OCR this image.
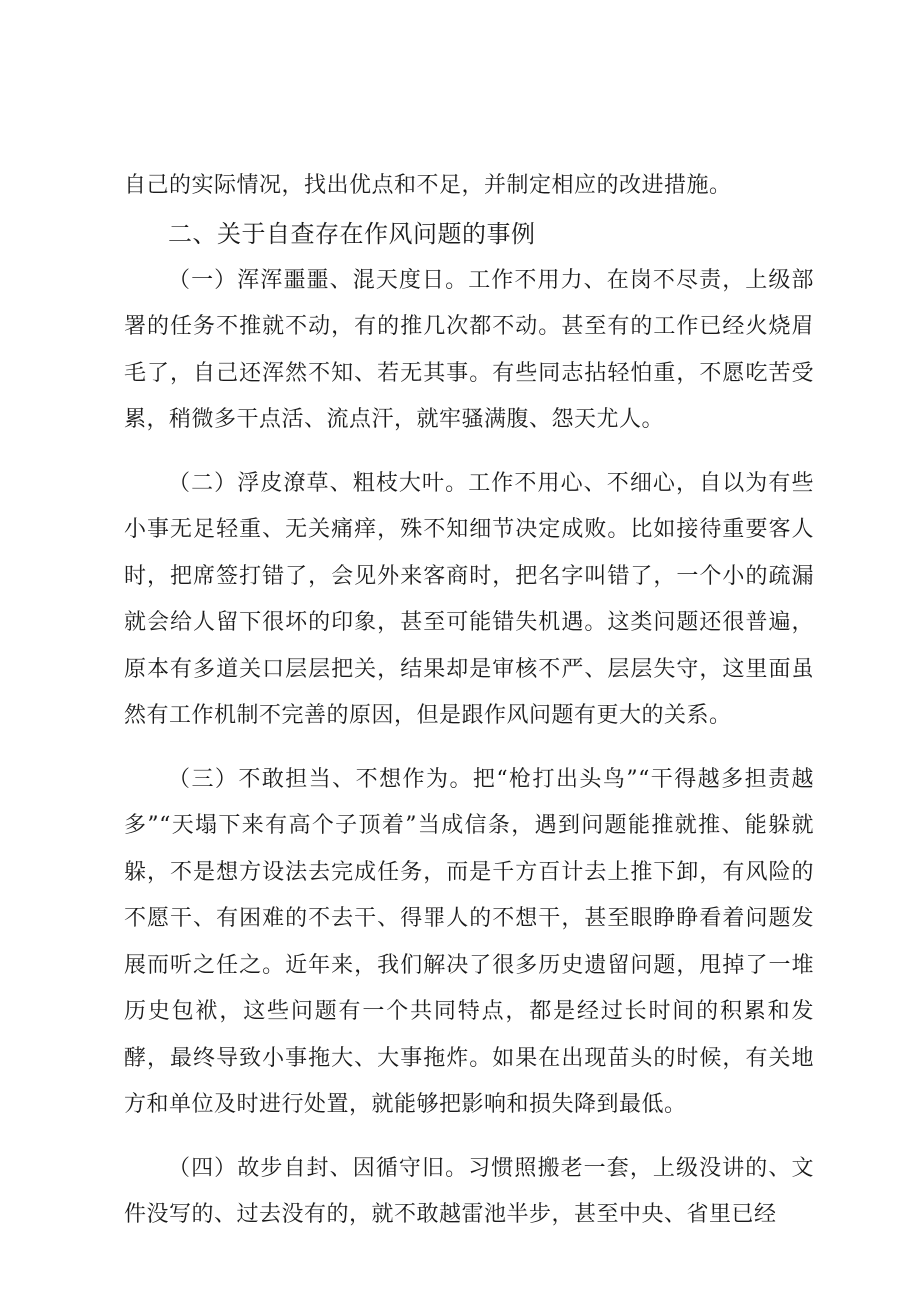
自己的实际情况，找出优点和不足，并制定相应的改进措施。

二、关于自查存在作风问题的事例

（一）浑浑噩噩、混天度日。工作不用力、在岗不尽责，上级部署的任务不推就不动，有的推几次都不动。甚至有的工作已经火烧眉毛了，自己还浑然不知、若无其事。有些同志拈轻怕重，不愿吃苦受累，稍微多干点活、流点汗，就牢骚满腹、怨天尤人。

（二）浮皮潦草、粗枝大叶。工作不用心、不细心，自以为有些小事无足轻重、无关痛痒，殊不知细节决定成败。比如接待重要客人时，把席签打错了，会见外来客商时，把名字叫错了，一个小的疏漏就会给人留下很坏的印象，甚至可能错失机遇。这类问题还很普遍，原本有多道关口层层把关，结果却是审核不严、层层失守，这里面虽然有工作机制不完善的原因，但是跟作风问题有更大的关系。

（三）不敢担当、不想作为。把“枪打出头鸟”“干得越多担责越多”“天塌下来有高个子顶着”当成信条，遇到问题能推就推、能躲就躲，不是想方设法去完成任务，而是千方百计去上推下卸，有风险的不愿干、有困难的不去干、得罪人的不想干，甚至眼睁睁看着问题发展而听之任之。近年来，我们解决了很多历史遗留问题，甩掉了一堆历史包袱，这些问题有一个共同特点，都是经过长时间的积累和发酵，最终导致小事拖大、大事拖炸。如果在出现苗头的时候，有关地方和单位及时进行处置，就能够把影响和损失降到最低。

（四）故步自封、因循守旧。习惯照搬老一套，上级没讲的、文件没写的、过去没有的，就不敢越雷池半步，甚至中央、省里已经
